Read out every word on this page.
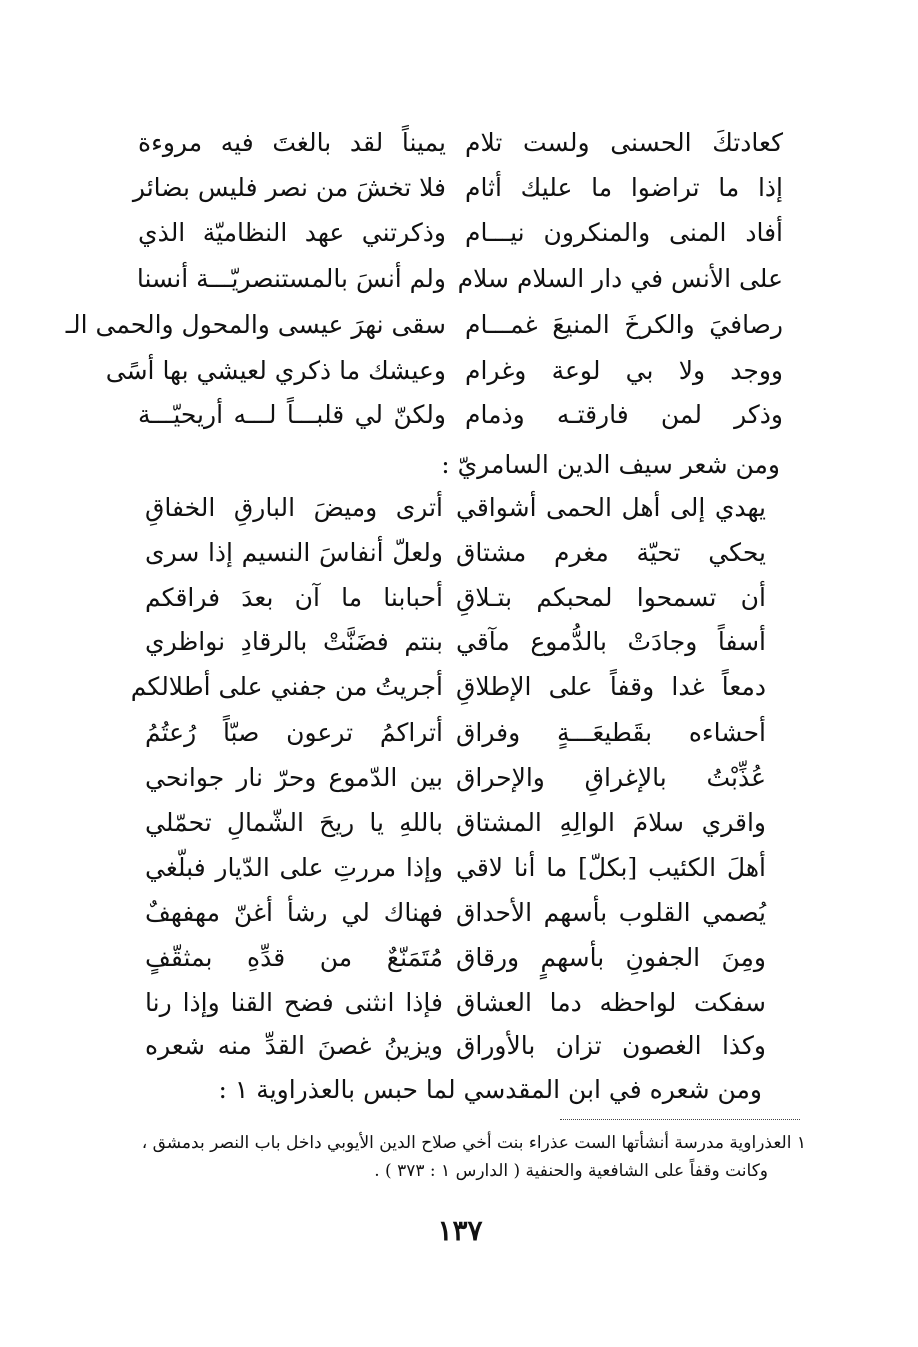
يميناً لقد بالغتَ فيه مروءة كعادتكَ الحسنى ولست تلام
فلا تخشَ من نصر فليس بضائر إذا ما تراضوا ما عليك أثام
وذكرتني عهد النظاميّة الذي أفاد المنى والمنكرون نيـــام
ولم أنسَ بالمستنصريّـــة أنسنا على الأنس في دار السلام سلام
سقى نهرَ عيسى والمحول والحمى الـ رصافيَ والكرخَ المنيعَ غمـــام
وعيشك ما ذكري لعيشي بها أسًى ووجد ولا بي لوعة وغرام
ولكنّ لي قلبـــاً لـــه أريحيّـــة وذكر لمن فارقتـه وذمام
ومن شعر سيف الدين السامريّ :
أترى وميضَ البارقِ الخفاقِ يهدي إلى أهل الحمى أشواقي
ولعلّ أنفاسَ النسيم إذا سرى يحكي تحيّة مغرم مشتاق
أحبابنا ما آن بعدَ فراقكم أن تسمحوا لمحبكم بتـلاقِ
بنتم فضَنَّتْ بالرقادِ نواظري أسفاً وجادَتْ بالدُّموع مآقي
أجريتُ من جفني على أطلالكم دمعاً غدا وقفاً على الإطلاقِ
أتراكمُ ترعون صبّاً رُعتُمُ أحشاءه بقَطيعَـــةٍ وفراق
بين الدّموع وحرّ نار جوانحي عُذِّبْتُ بالإغراقِ والإحراق
باللهِ يا ريحَ الشّمالِ تحمّلي واقري سلامَ الوالِهِ المشتاق
وإذا مررتِ على الدّيار فبلّغي أهلَ الكئيب [بكلّ] ما أنا لاقي
فهناك لي رشأ أغنّ مهفهفٌ يُصمي القلوب بأسهم الأحداق
مُتَمَنّعٌ من قدِّهِ بمثقّفٍ ومِنَ الجفونِ بأسهمٍ ورقاق
فإذا انثنى فضح القنا وإذا رنا سفكت لواحظه دما العشاق
ويزينُ غصنَ القدِّ منه شعره وكذا الغصون تزان بالأوراق
ومن شعره في ابن المقدسي لما حبس بالعذراوية ١ :
١ العذراوية مدرسة أنشأتها الست عذراء بنت أخي صلاح الدين الأيوبي داخل باب النصر بدمشق ،
وكانت وقفاً على الشافعية والحنفية ( الدارس ١ : ٣٧٣ ) .
١٣٧
